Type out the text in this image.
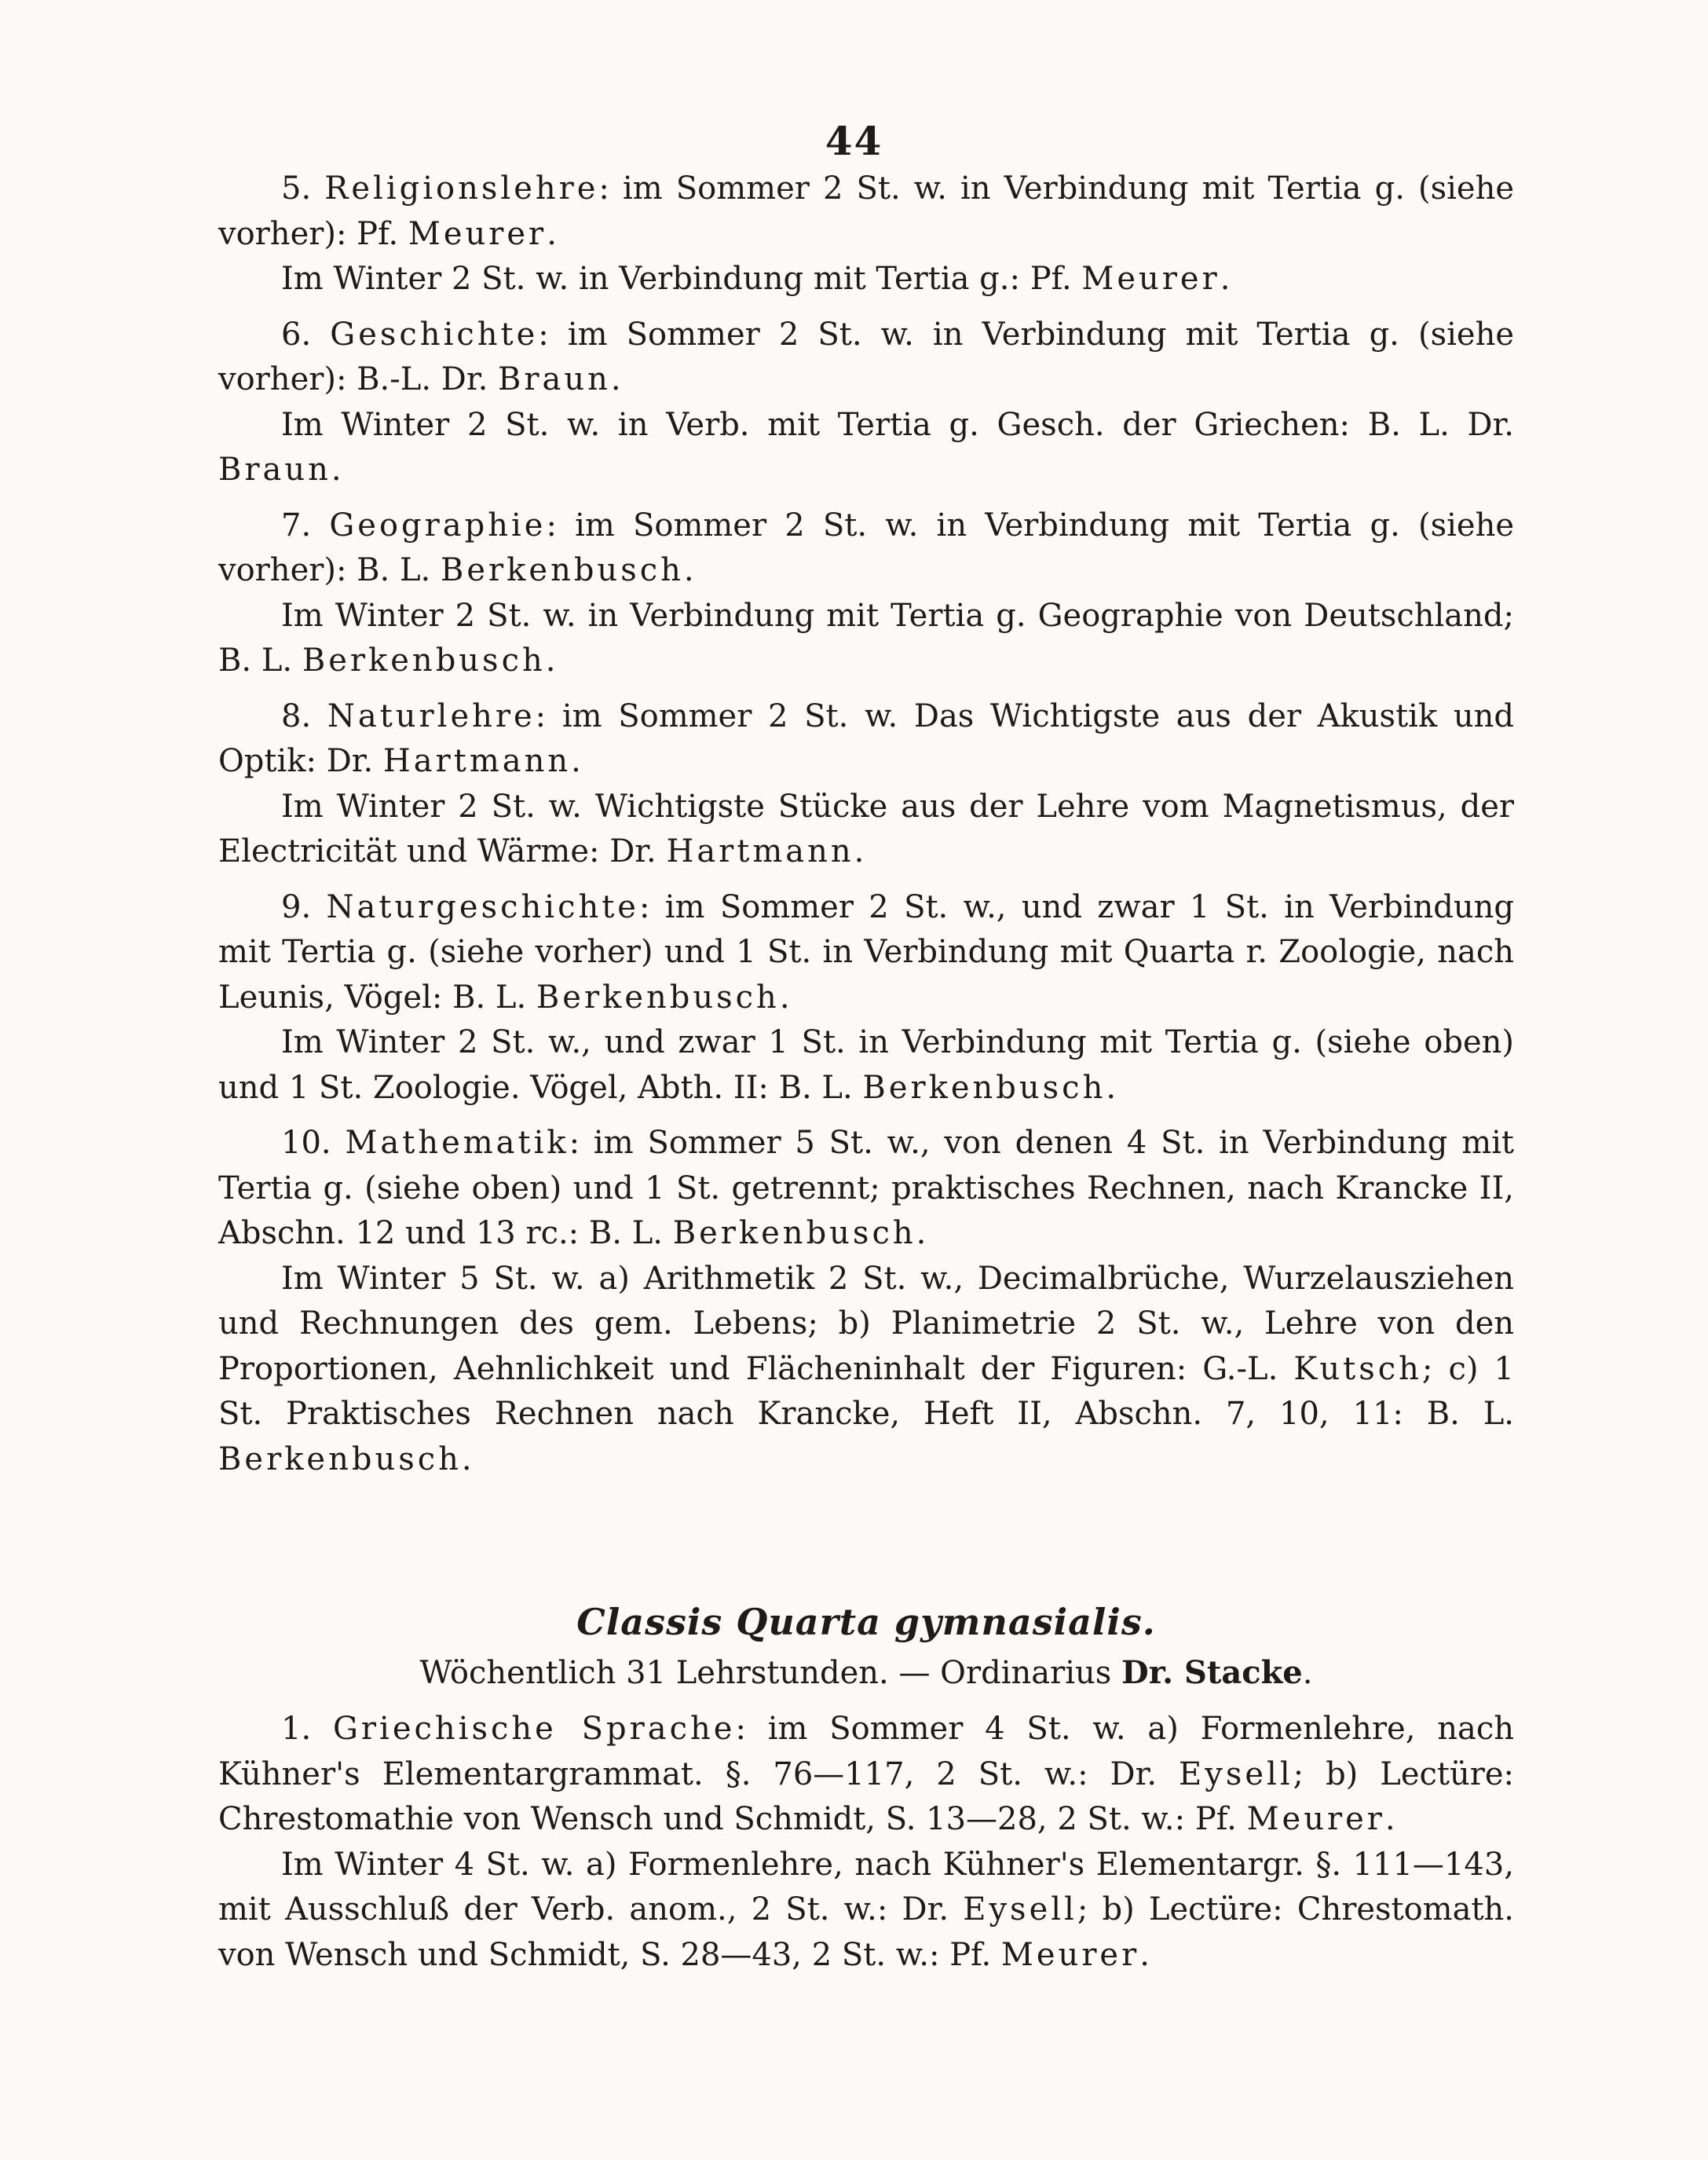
44
5. Religionslehre: im Sommer 2 St. w. in Verbindung mit Tertia g. (siehe vorher): Pf. Meurer.
Im Winter 2 St. w. in Verbindung mit Tertia g.: Pf. Meurer.
6. Geschichte: im Sommer 2 St. w. in Verbindung mit Tertia g. (siehe vorher): B.-L. Dr. Braun.
Im Winter 2 St. w. in Verb. mit Tertia g. Gesch. der Griechen: B. L. Dr. Braun.
7. Geographie: im Sommer 2 St. w. in Verbindung mit Tertia g. (siehe vorher): B. L. Berkenbusch.
Im Winter 2 St. w. in Verbindung mit Tertia g. Geographie von Deutschland; B. L. Berkenbusch.
8. Naturlehre: im Sommer 2 St. w. Das Wichtigste aus der Akustik und Optik: Dr. Hartmann.
Im Winter 2 St. w. Wichtigste Stücke aus der Lehre vom Magnetismus, der Electricität und Wärme: Dr. Hartmann.
9. Naturgeschichte: im Sommer 2 St. w., und zwar 1 St. in Verbindung mit Tertia g. (siehe vorher) und 1 St. in Verbindung mit Quarta r. Zoologie, nach Leunis, Vögel: B. L. Berkenbusch.
Im Winter 2 St. w., und zwar 1 St. in Verbindung mit Tertia g. (siehe oben) und 1 St. Zoologie. Vögel, Abth. II: B. L. Berkenbusch.
10. Mathematik: im Sommer 5 St. w., von denen 4 St. in Verbindung mit Tertia g. (siehe oben) und 1 St. getrennt; praktisches Rechnen, nach Krancke II, Abschn. 12 und 13 rc.: B. L. Berkenbusch.
Im Winter 5 St. w. a) Arithmetik 2 St. w., Decimalbrüche, Wurzelausziehen und Rechnungen des gem. Lebens; b) Planimetrie 2 St. w., Lehre von den Proportionen, Aehnlichkeit und Flächeninhalt der Figuren: G.-L. Kutsch; c) 1 St. Praktisches Rechnen nach Krancke, Heft II, Abschn. 7, 10, 11: B. L. Berkenbusch.
Classis Quarta gymnasialis.
Wöchentlich 31 Lehrstunden. — Ordinarius Dr. Stacke.
1. Griechische Sprache: im Sommer 4 St. w. a) Formenlehre, nach Kühner's Elementargrammat. §. 76—117, 2 St. w.: Dr. Eysell; b) Lectüre: Chrestomathie von Wensch und Schmidt, S. 13—28, 2 St. w.: Pf. Meurer.
Im Winter 4 St. w. a) Formenlehre, nach Kühner's Elementargr. §. 111—143, mit Ausschluß der Verb. anom., 2 St. w.: Dr. Eysell; b) Lectüre: Chrestomath. von Wensch und Schmidt, S. 28—43, 2 St. w.: Pf. Meurer.
